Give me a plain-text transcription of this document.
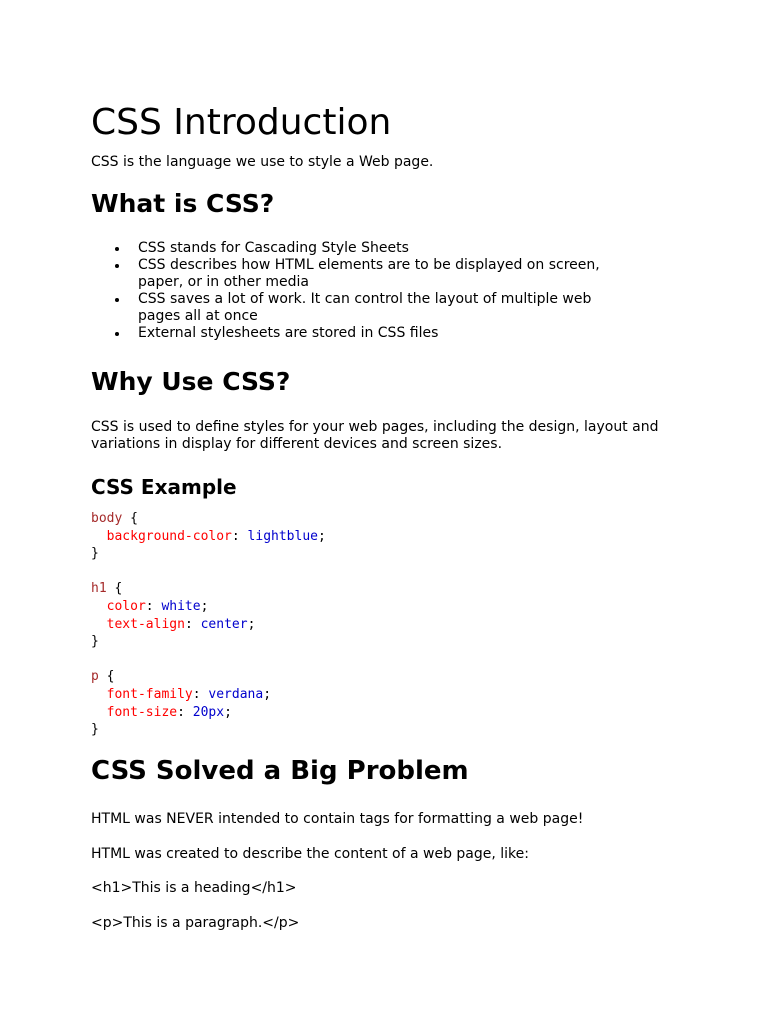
CSS Introduction

CSS is the language we use to style a Web page.

What is CSS?
CSS stands for Cascading Style Sheets
CSS describes how HTML elements are to be displayed on screen, paper, or in other media
CSS saves a lot of work. It can control the layout of multiple web pages all at once
External stylesheets are stored in CSS files
Why Use CSS?

CSS is used to define styles for your web pages, including the design, layout and variations in display for different devices and screen sizes.

CSS Example
body {
background-color: lightblue;
}

h1 {
color: white;
text-align: center;
}

p {
font-family: verdana;
font-size: 20px;
}
CSS Solved a Big Problem

HTML was NEVER intended to contain tags for formatting a web page!

HTML was created to describe the content of a web page, like:

<h1>This is a heading</h1>

<p>This is a paragraph.</p>
